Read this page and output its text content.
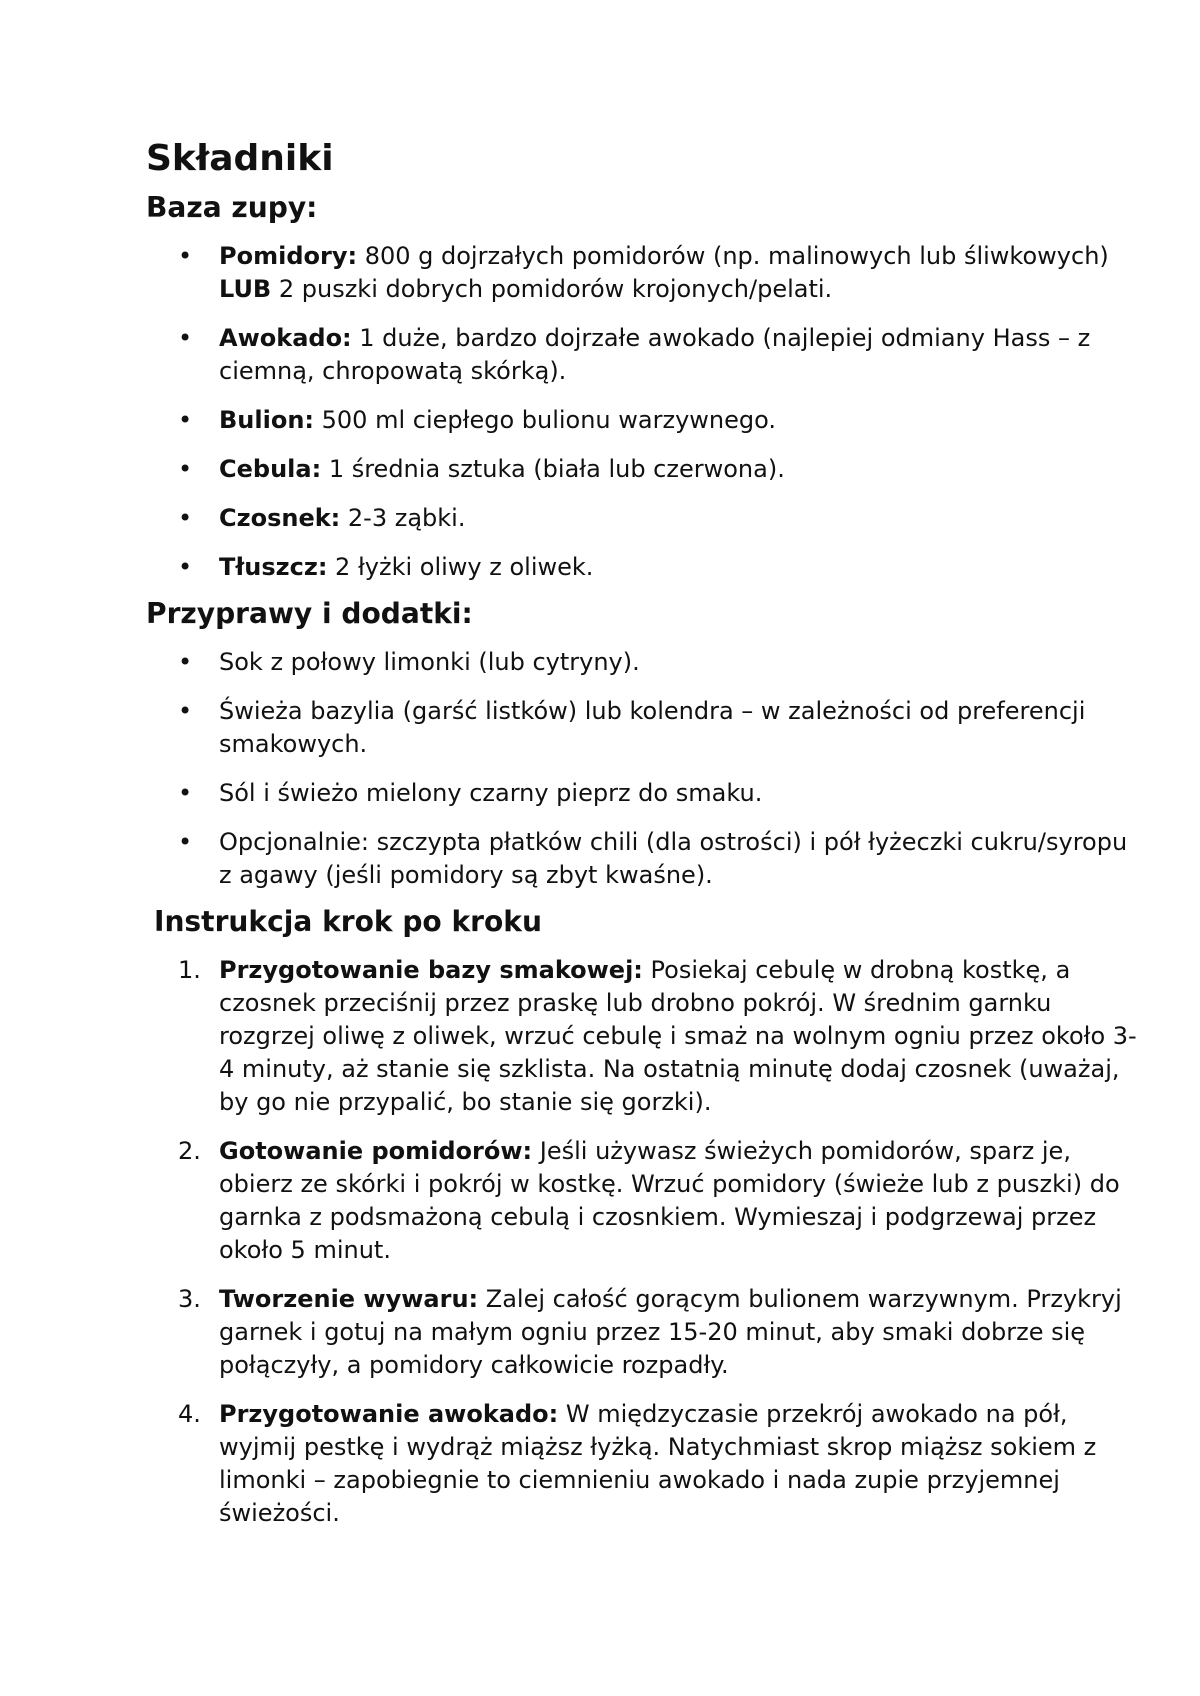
Składniki
Baza zupy:
• Pomidory: 800 g dojrzałych pomidorów (np. malinowych lub śliwkowych) LUB 2 puszki dobrych pomidorów krojonych/pelati.
• Awokado: 1 duże, bardzo dojrzałe awokado (najlepiej odmiany Hass – z ciemną, chropowatą skórką).
• Bulion: 500 ml ciepłego bulionu warzywnego.
• Cebula: 1 średnia sztuka (biała lub czerwona).
• Czosnek: 2-3 ząbki.
• Tłuszcz: 2 łyżki oliwy z oliwek.
Przyprawy i dodatki:
• Sok z połowy limonki (lub cytryny).
• Świeża bazylia (garść listków) lub kolendra – w zależności od preferencji smakowych.
• Sól i świeżo mielony czarny pieprz do smaku.
• Opcjonalnie: szczypta płatków chili (dla ostrości) i pół łyżeczki cukru/syropu z agawy (jeśli pomidory są zbyt kwaśne).
Instrukcja krok po kroku
1. Przygotowanie bazy smakowej: Posiekaj cebulę w drobną kostkę, a czosnek przeciśnij przez praskę lub drobno pokrój. W średnim garnku rozgrzej oliwę z oliwek, wrzuć cebulę i smaż na wolnym ogniu przez około 3-4 minuty, aż stanie się szklista. Na ostatnią minutę dodaj czosnek (uważaj, by go nie przypalić, bo stanie się gorzki).
2. Gotowanie pomidorów: Jeśli używasz świeżych pomidorów, sparz je, obierz ze skórki i pokrój w kostkę. Wrzuć pomidory (świeże lub z puszki) do garnka z podsmażoną cebulą i czosnkiem. Wymieszaj i podgrzewaj przez około 5 minut.
3. Tworzenie wywaru: Zalej całość gorącym bulionem warzywnym. Przykryj garnek i gotuj na małym ogniu przez 15-20 minut, aby smaki dobrze się połączyły, a pomidory całkowicie rozpadły.
4. Przygotowanie awokado: W międzyczasie przekrój awokado na pół, wyjmij pestkę i wydrąż miąższ łyżką. Natychmiast skrop miąższ sokiem z limonki – zapobiegnie to ciemnieniu awokado i nada zupie przyjemnej świeżości.
